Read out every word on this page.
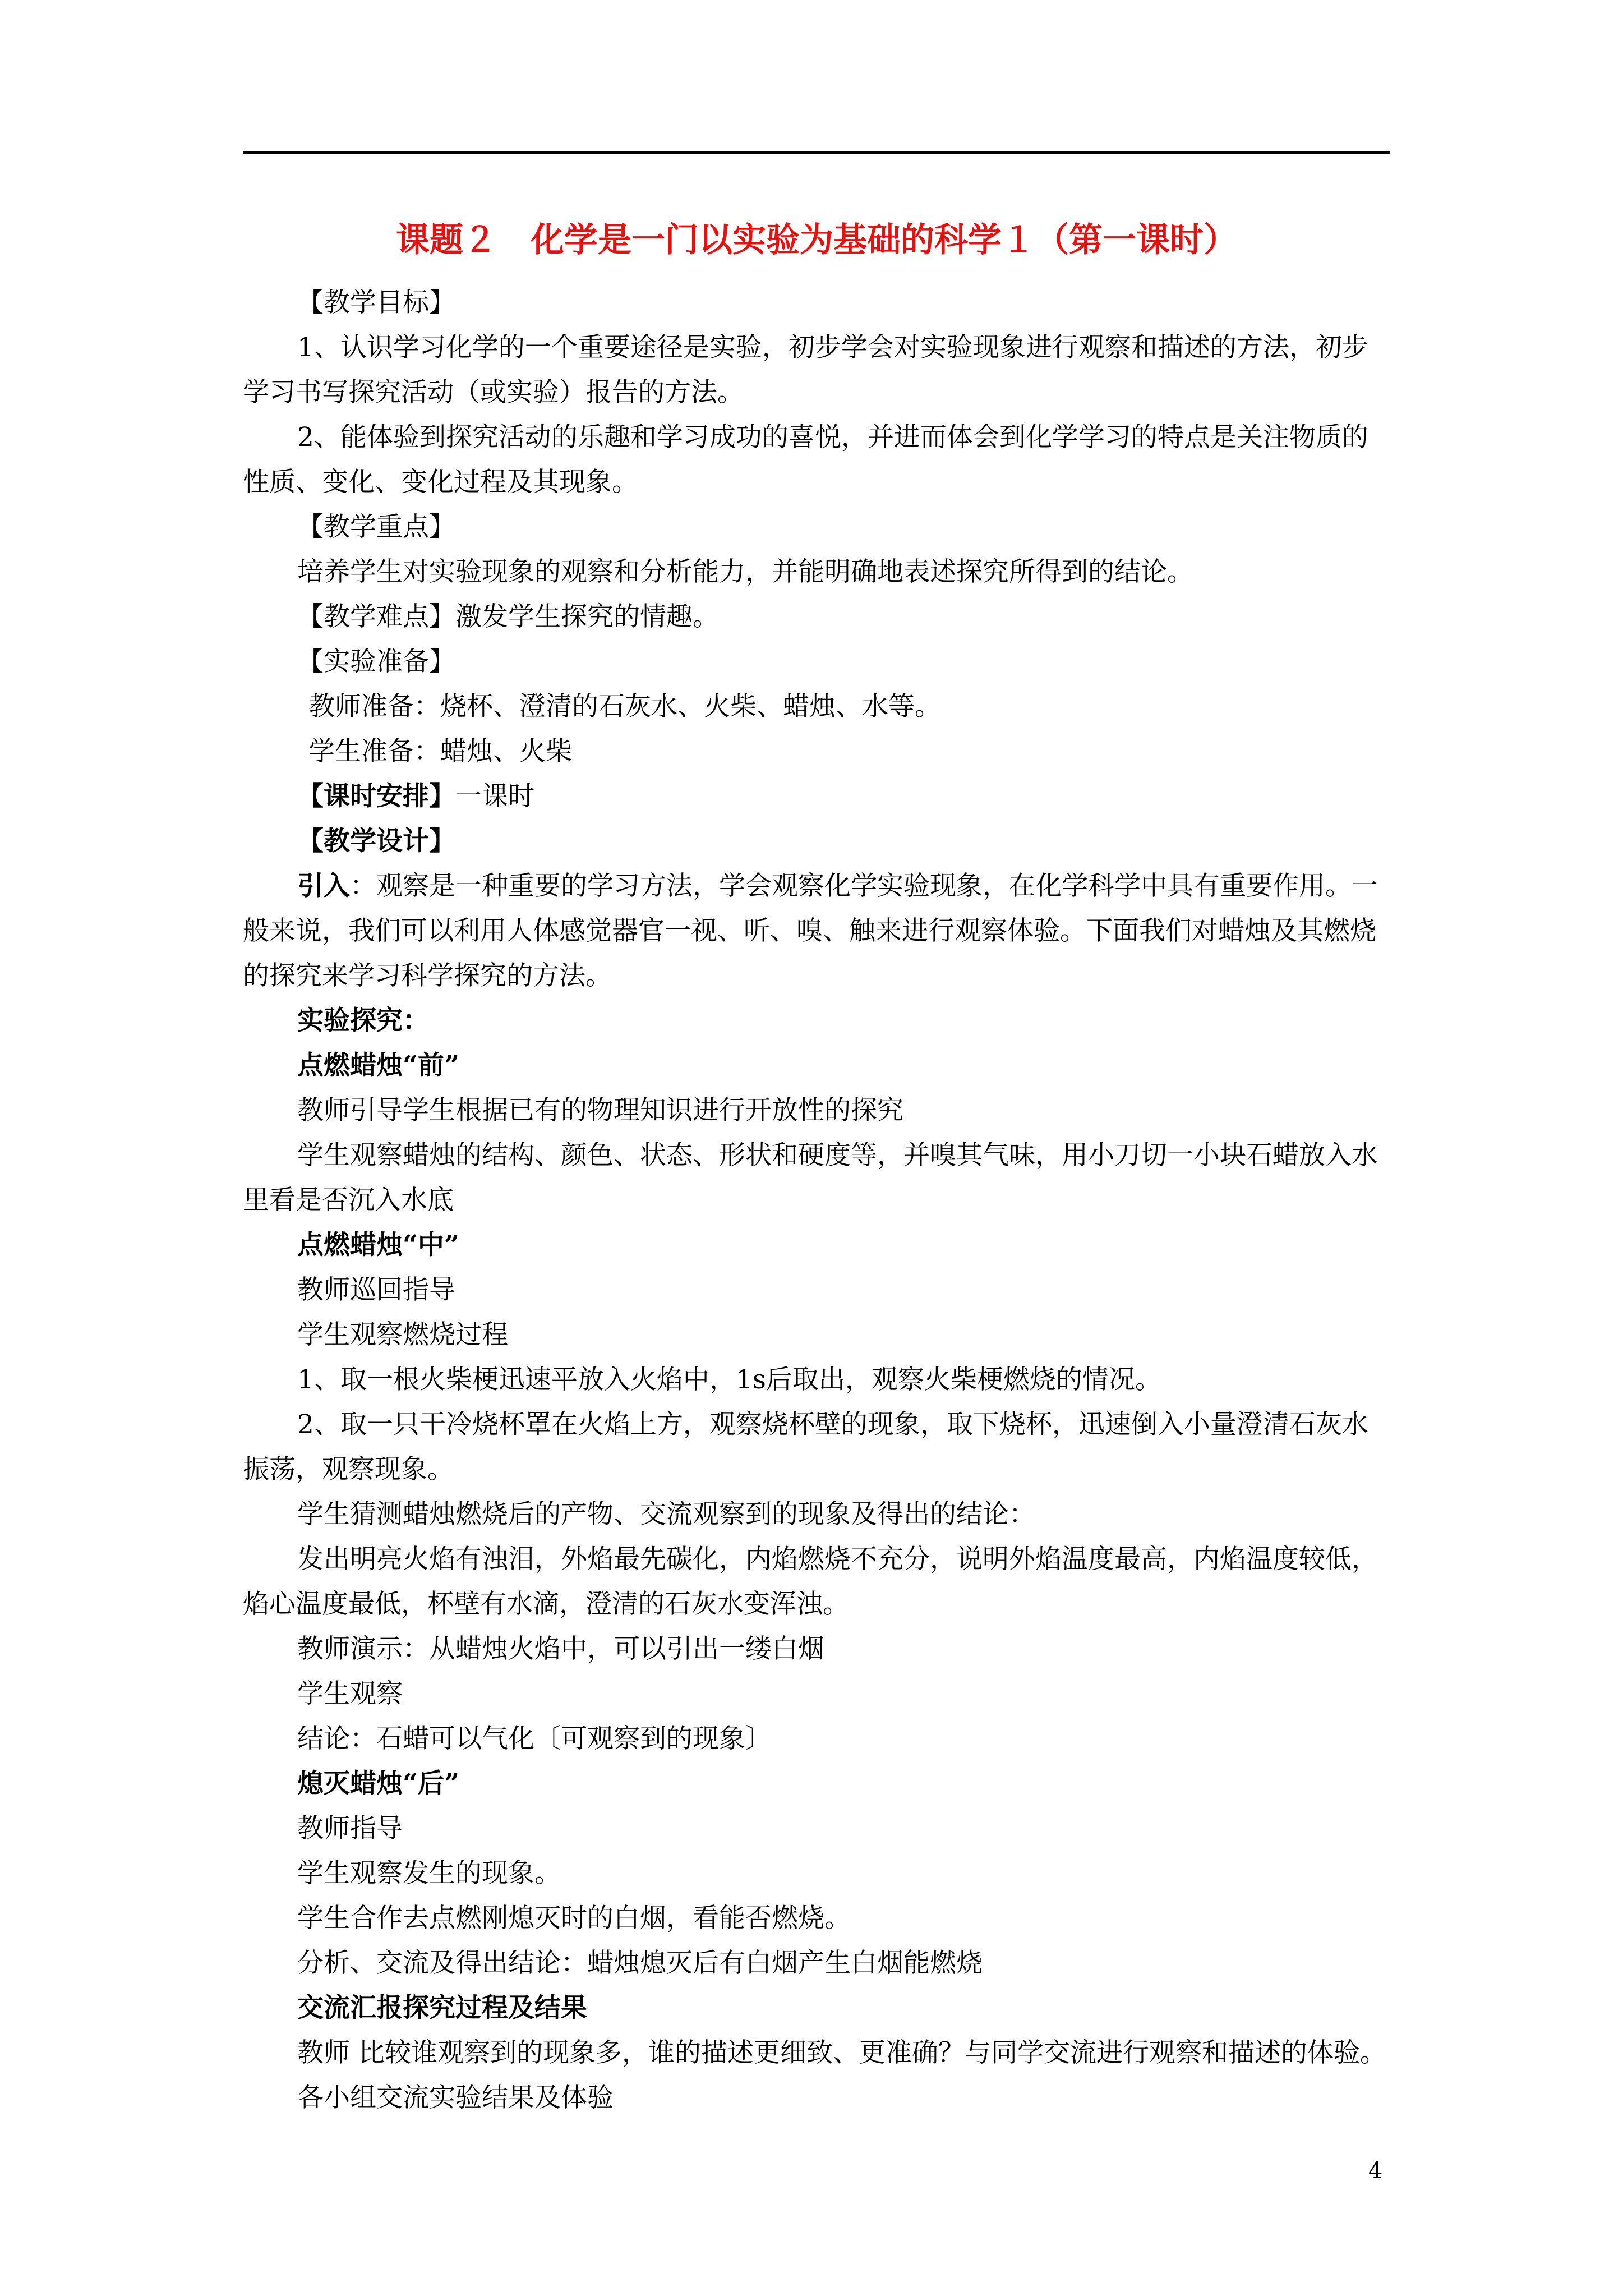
课题２　化学是一门以实验为基础的科学１（第一课时）

【教学目标】

1、认识学习化学的一个重要途径是实验，初步学会对实验现象进行观察和描述的方法，初步学习书写探究活动（或实验）报告的方法。

2、能体验到探究活动的乐趣和学习成功的喜悦，并进而体会到化学学习的特点是关注物质的性质、变化、变化过程及其现象。

【教学重点】

培养学生对实验现象的观察和分析能力，并能明确地表述探究所得到的结论。

【教学难点】激发学生探究的情趣。

【实验准备】

教师准备：烧杯、澄清的石灰水、火柴、蜡烛、水等。

学生准备：蜡烛、火柴

【课时安排】一课时

【教学设计】

引入：观察是一种重要的学习方法，学会观察化学实验现象，在化学科学中具有重要作用。一般来说，我们可以利用人体感觉器官一视、听、嗅、触来进行观察体验。下面我们对蜡烛及其燃烧的探究来学习科学探究的方法。

实验探究：

点燃蜡烛“前”

教师引导学生根据已有的物理知识进行开放性的探究

学生观察蜡烛的结构、颜色、状态、形状和硬度等，并嗅其气味，用小刀切一小块石蜡放入水里看是否沉入水底

点燃蜡烛“中”

教师巡回指导

学生观察燃烧过程

1、取一根火柴梗迅速平放入火焰中，1s后取出，观察火柴梗燃烧的情况。

2、取一只干冷烧杯罩在火焰上方，观察烧杯壁的现象，取下烧杯，迅速倒入小量澄清石灰水振荡，观察现象。

学生猜测蜡烛燃烧后的产物、交流观察到的现象及得出的结论：

发出明亮火焰有浊泪，外焰最先碳化，内焰燃烧不充分，说明外焰温度最高，内焰温度较低，焰心温度最低，杯壁有水滴，澄清的石灰水变浑浊。

教师演示：从蜡烛火焰中，可以引出一缕白烟

学生观察

结论：石蜡可以气化〔可观察到的现象〕

熄灭蜡烛“后”

教师指导

学生观察发生的现象。

学生合作去点燃刚熄灭时的白烟，看能否燃烧。

分析、交流及得出结论：蜡烛熄灭后有白烟产生白烟能燃烧

交流汇报探究过程及结果

教师 比较谁观察到的现象多，谁的描述更细致、更准确？与同学交流进行观察和描述的体验。

各小组交流实验结果及体验

4
